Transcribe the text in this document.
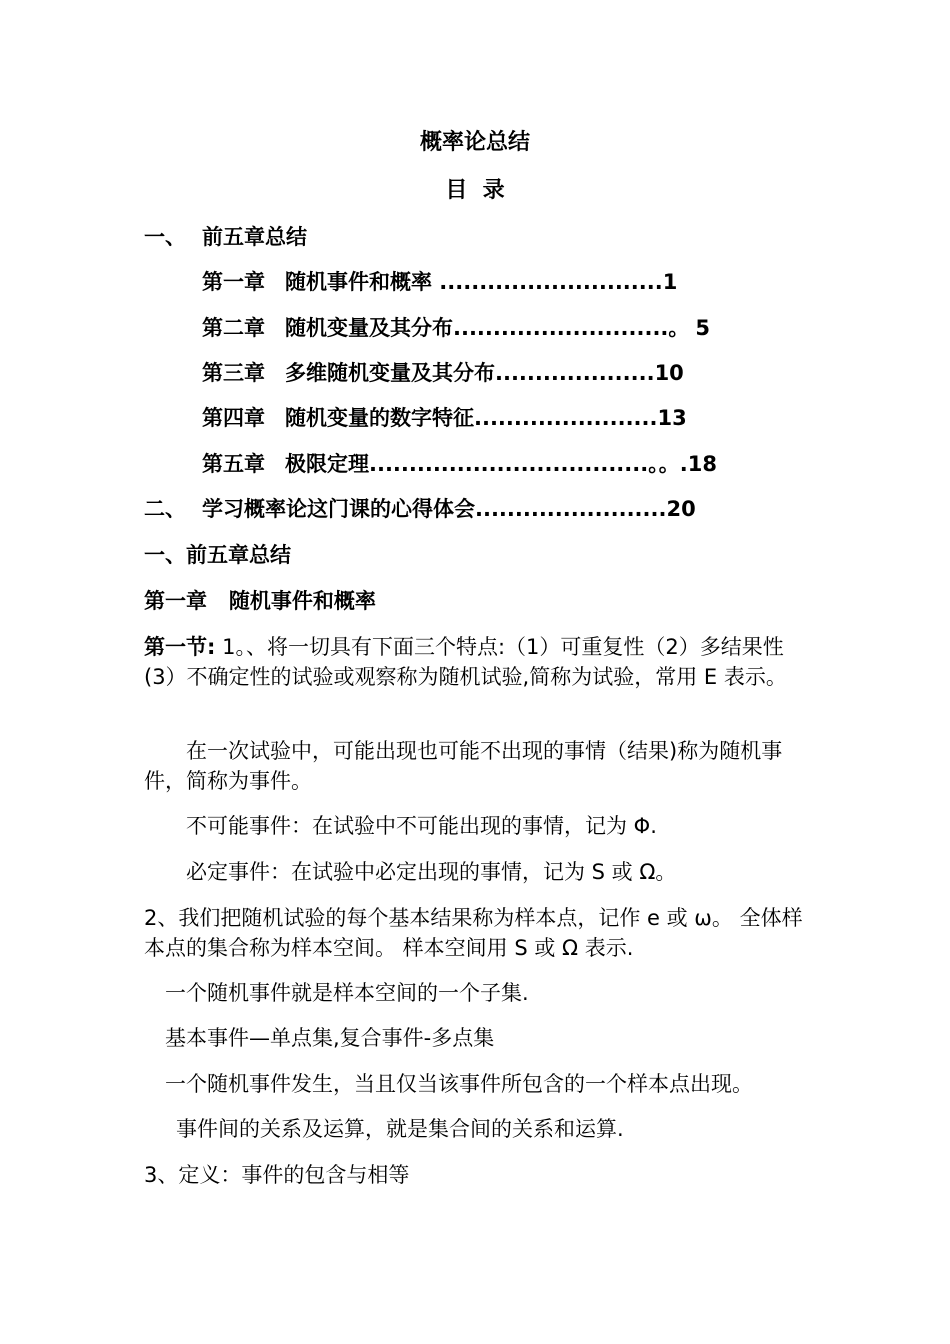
概率论总结
目  录
一、 前五章总结
第一章 随机事件和概率 ............................1
第二章 随机变量及其分布...........................。 5
第三章 多维随机变量及其分布....................10
第四章 随机变量的数字特征.......................13
第五章 极限定理...................................。。.18
二、 学习概率论这门课的心得体会........................20
一、前五章总结
第一章   随机事件和概率
第一节: 1。、将一切具有下面三个特点:（1）可重复性（2）多结果性(3）不确定性的试验或观察称为随机试验,简称为试验，常用 E 表示。
在一次试验中，可能出现也可能不出现的事情（结果)称为随机事件，简称为事件。
不可能事件：在试验中不可能出现的事情，记为 Φ.
必定事件：在试验中必定出现的事情，记为 S 或 Ω。
2、我们把随机试验的每个基本结果称为样本点，记作 e 或 ω。 全体样本点的集合称为样本空间。 样本空间用 S 或 Ω 表示.
一个随机事件就是样本空间的一个子集.
基本事件—单点集,复合事件-多点集
一个随机事件发生，当且仅当该事件所包含的一个样本点出现。
事件间的关系及运算，就是集合间的关系和运算.
3、定义：事件的包含与相等
